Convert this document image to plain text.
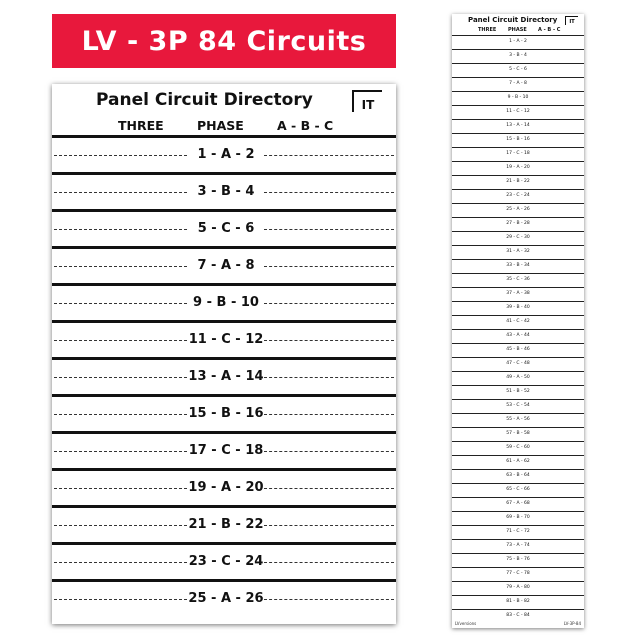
LV - 3P 84 Circuits
Panel Circuit Directory	IT
THREE	PHASE	A - B - C
1 - A - 2
3 - B - 4
5 - C - 6
7 - A - 8
9 - B - 10
11 - C - 12
13 - A - 14
15 - B - 16
17 - C - 18
19 - A - 20
21 - B - 22
23 - C - 24
25 - A - 26
Panel Circuit Directory	IT
THREE PHASE A - B - C
1 - A - 2
3 - B - 4
5 - C - 6
7 - A - 8
9 - B - 10
11 - C - 12
13 - A - 14
15 - B - 16
17 - C - 18
19 - A - 20
21 - B - 22
23 - C - 24
25 - A - 26
27 - B - 28
29 - C - 30
31 - A - 32
33 - B - 34
35 - C - 36
37 - A - 38
39 - B - 40
41 - C - 42
43 - A - 44
45 - B - 46
47 - C - 48
49 - A - 50
51 - B - 52
53 - C - 54
55 - A - 56
57 - B - 58
59 - C - 60
61 - A - 62
63 - B - 64
65 - C - 66
67 - A - 68
69 - B - 70
71 - C - 72
73 - A - 74
75 - B - 76
77 - C - 78
79 - A - 80
81 - B - 82
83 - C - 84
LVversions	LV-3P-84
